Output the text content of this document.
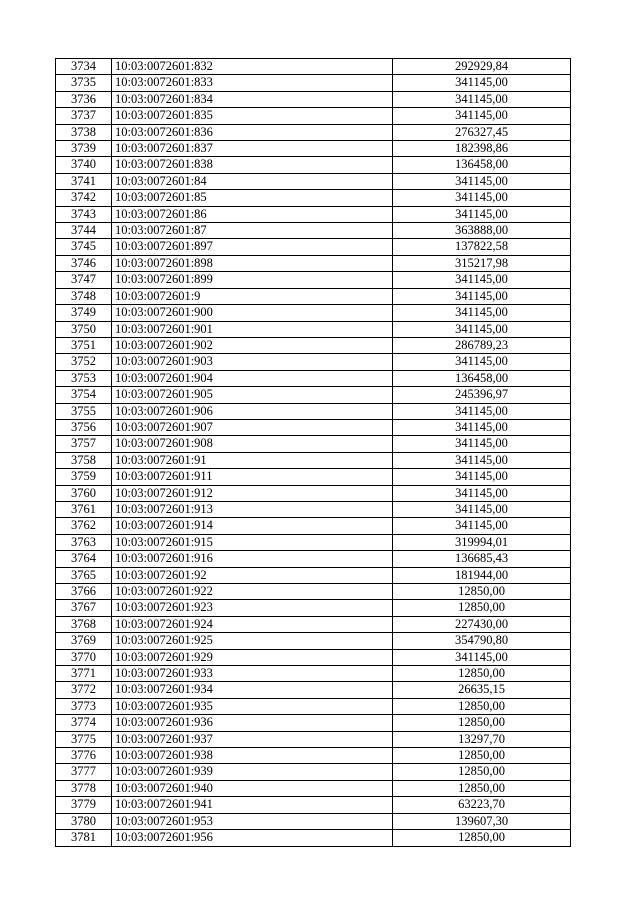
3734	10:03:0072601:832	292929,84
3735	10:03:0072601:833	341145,00
3736	10:03:0072601:834	341145,00
3737	10:03:0072601:835	341145,00
3738	10:03:0072601:836	276327,45
3739	10:03:0072601:837	182398,86
3740	10:03:0072601:838	136458,00
3741	10:03:0072601:84	341145,00
3742	10:03:0072601:85	341145,00
3743	10:03:0072601:86	341145,00
3744	10:03:0072601:87	363888,00
3745	10:03:0072601:897	137822,58
3746	10:03:0072601:898	315217,98
3747	10:03:0072601:899	341145,00
3748	10:03:0072601:9	341145,00
3749	10:03:0072601:900	341145,00
3750	10:03:0072601:901	341145,00
3751	10:03:0072601:902	286789,23
3752	10:03:0072601:903	341145,00
3753	10:03:0072601:904	136458,00
3754	10:03:0072601:905	245396,97
3755	10:03:0072601:906	341145,00
3756	10:03:0072601:907	341145,00
3757	10:03:0072601:908	341145,00
3758	10:03:0072601:91	341145,00
3759	10:03:0072601:911	341145,00
3760	10:03:0072601:912	341145,00
3761	10:03:0072601:913	341145,00
3762	10:03:0072601:914	341145,00
3763	10:03:0072601:915	319994,01
3764	10:03:0072601:916	136685,43
3765	10:03:0072601:92	181944,00
3766	10:03:0072601:922	12850,00
3767	10:03:0072601:923	12850,00
3768	10:03:0072601:924	227430,00
3769	10:03:0072601:925	354790,80
3770	10:03:0072601:929	341145,00
3771	10:03:0072601:933	12850,00
3772	10:03:0072601:934	26635,15
3773	10:03:0072601:935	12850,00
3774	10:03:0072601:936	12850,00
3775	10:03:0072601:937	13297,70
3776	10:03:0072601:938	12850,00
3777	10:03:0072601:939	12850,00
3778	10:03:0072601:940	12850,00
3779	10:03:0072601:941	63223,70
3780	10:03:0072601:953	139607,30
3781	10:03:0072601:956	12850,00
